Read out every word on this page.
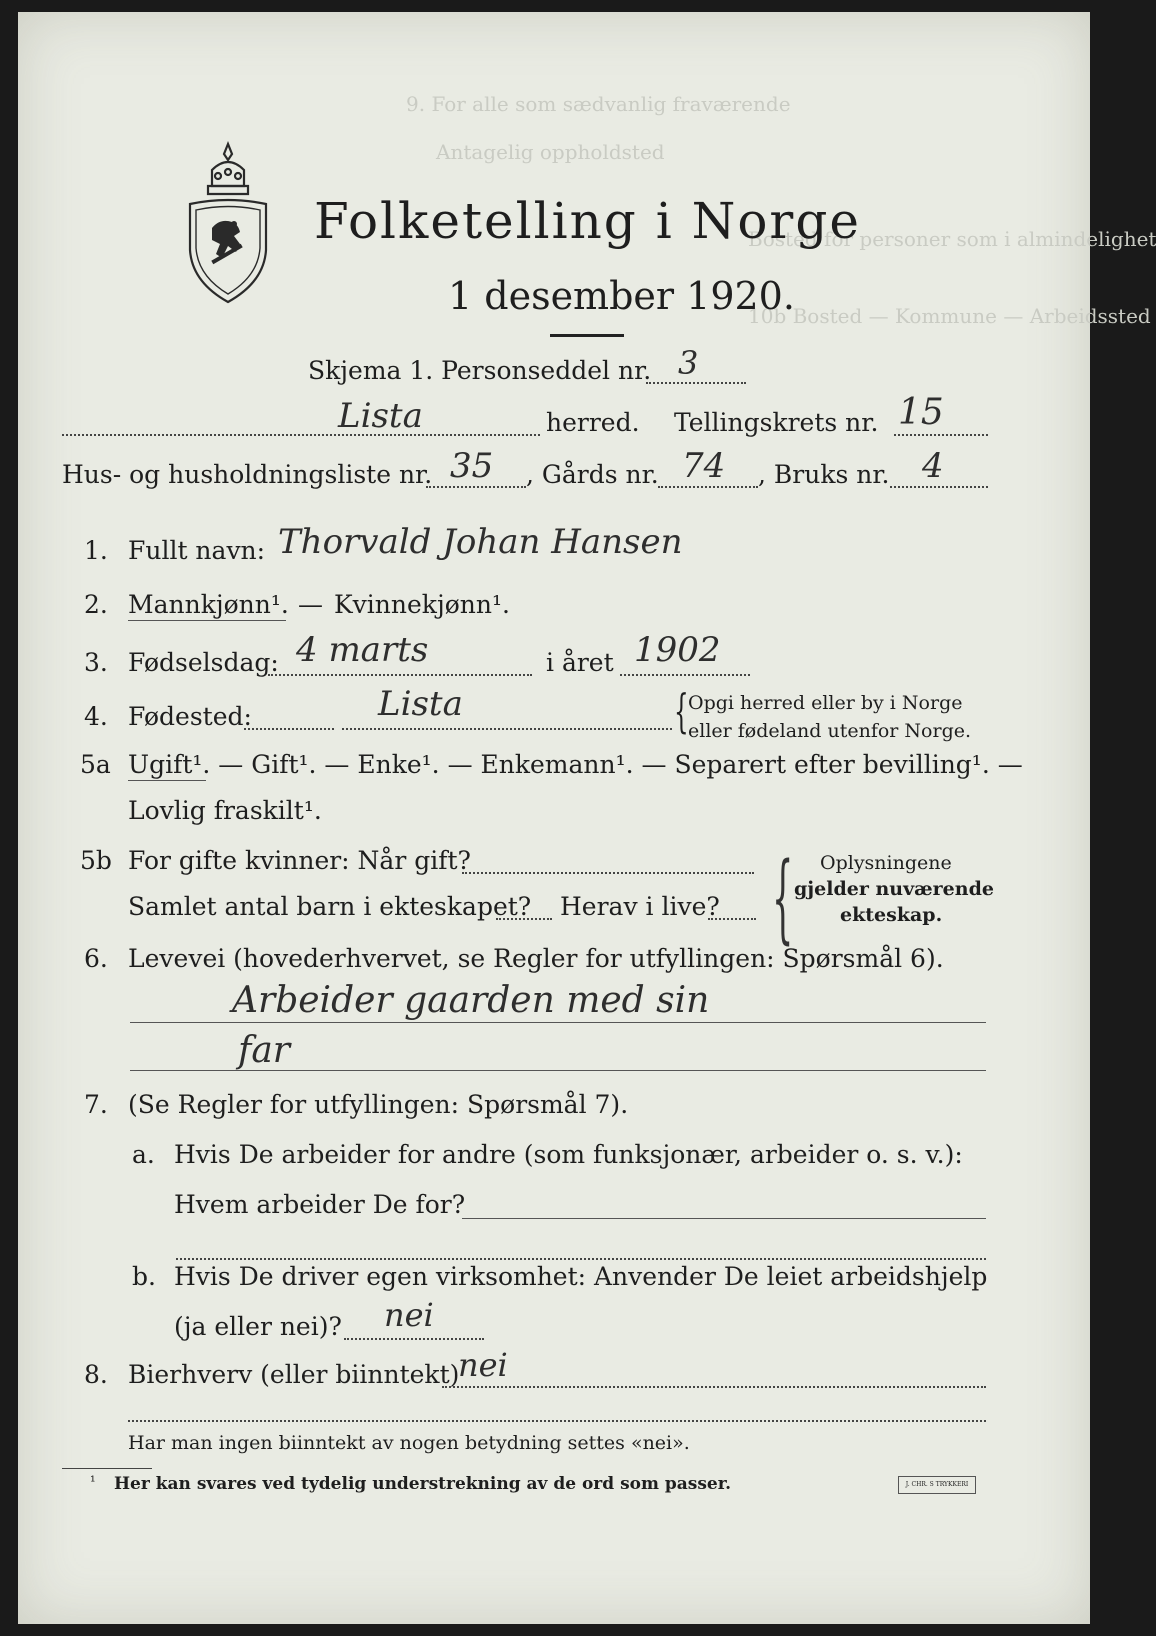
9. For alle som sædvanlig fraværende
Antagelig oppholdsted
Bosted for personer som i almindelighet
10b Bosted — Kommune — Arbeidssted
Folketelling i Norge
1 desember 1920.
Skjema 1. Personseddel nr. 3
Lista	herred. Tellingskrets nr. 15
Hus- og husholdningsliste nr. 35 , Gårds nr. 74 , Bruks nr. 4
1. Fullt navn: Thorvald Johan Hansen
2. Mannkjønn¹. — Kvinnekjønn¹.
3. Fødselsdag: 4 marts	i året 1902
4. Fødested:	Lista	{ Opgi herred eller by i Norge
eller fødeland utenfor Norge.
5a Ugift¹. — Gift¹. — Enke¹. — Enkemann¹. — Separert efter bevilling¹. —
Lovlig fraskilt¹.
5b For gifte kvinner: Når gift?
Samlet antal barn i ekteskapet? Herav i live? { Oplysningene
gjelder nuværende
ekteskap.
6. Levevei (hovederhvervet, se Regler for utfyllingen: Spørsmål 6).
Arbeider gaarden med sin
far
7. (Se Regler for utfyllingen: Spørsmål 7).
a. Hvis De arbeider for andre (som funksjonær, arbeider o. s. v.):
Hvem arbeider De for?
b. Hvis De driver egen virksomhet: Anvender De leiet arbeidshjelp
(ja eller nei)? nei
8. Bierhverv (eller biinntekt)
nei
Har man ingen biinntekt av nogen betydning settes «nei».
¹ Her kan svares ved tydelig understrekning av de ord som passer.	J. CHR. S TRYKKERI
